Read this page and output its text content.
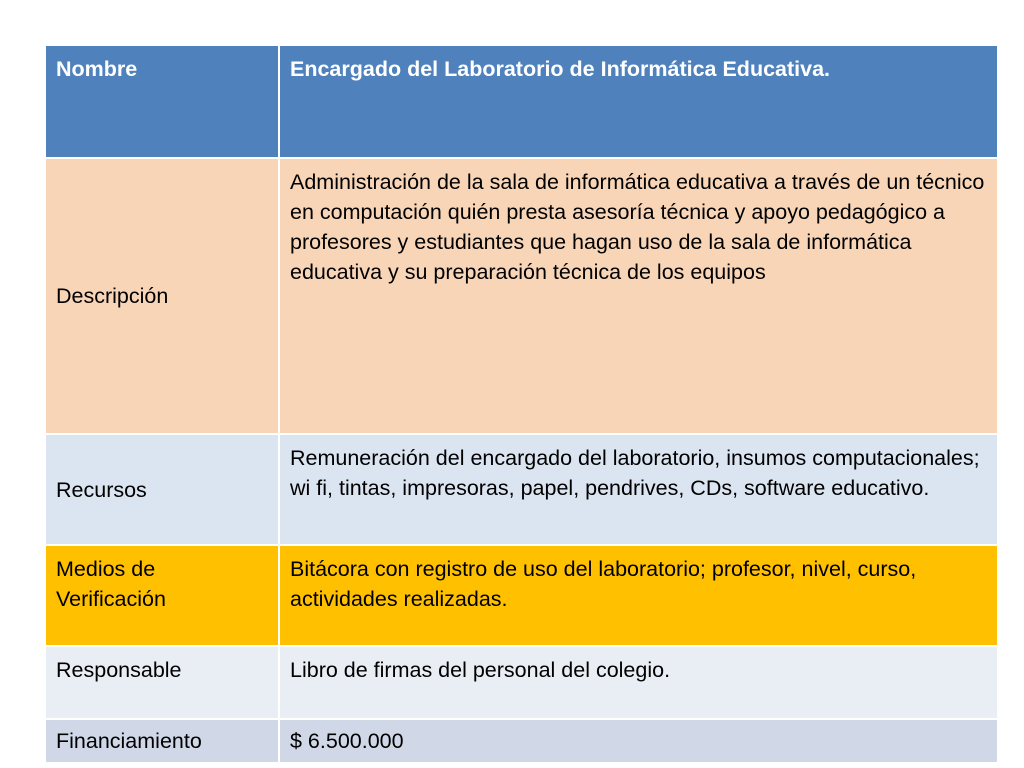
Nombre	Encargado del Laboratorio de Informática Educativa.
Descripción	Administración de la sala de informática educativa a través de un técnico en computación quién presta asesoría técnica y apoyo pedagógico a profesores y estudiantes que hagan uso de la sala de informática educativa y su preparación técnica de los equipos
Recursos	Remuneración del encargado del laboratorio, insumos computacionales; wi fi, tintas, impresoras, papel, pendrives, CDs, software educativo.
Medios de Verificación	Bitácora con registro de uso del laboratorio; profesor, nivel, curso, actividades realizadas.
Responsable	Libro de firmas del personal del colegio.
Financiamiento	$ 6.500.000
